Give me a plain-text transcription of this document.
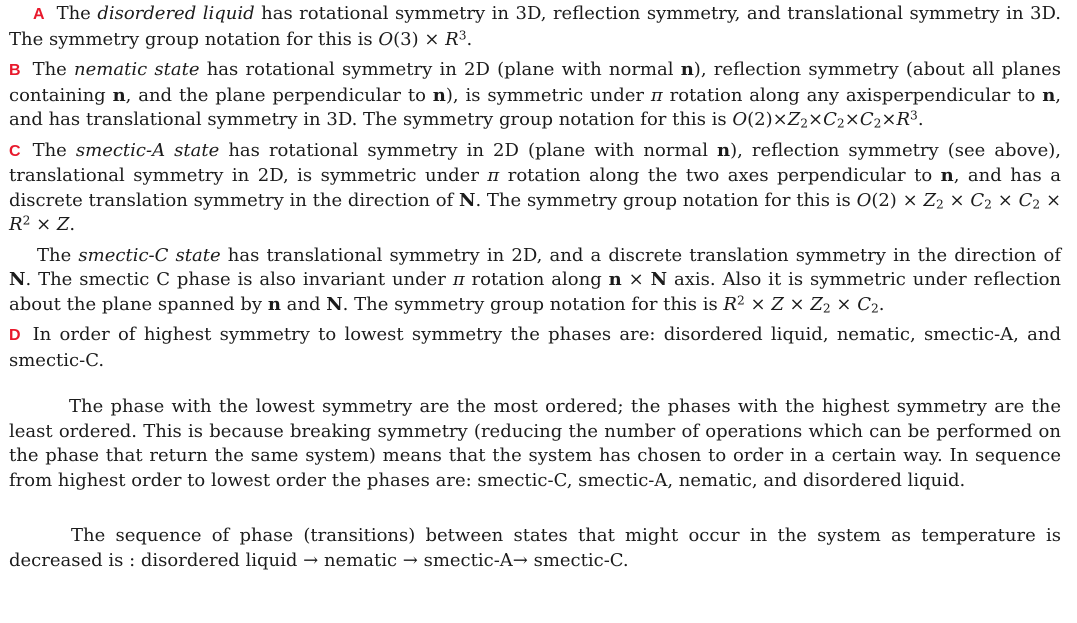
A The disordered liquid has rotational symmetry in 3D, reflection symmetry, and translational symmetry in 3D. The symmetry group notation for this is $O(3) \times R^3$.

B The nematic state has rotational symmetry in 2D (plane with normal n), reflection symmetry (about all planes containing n, and the plane perpendicular to n), is symmetric under π rotation along any axisperpendicular to n, and has translational symmetry in 3D. The symmetry group notation for this is $O(2)\times Z2\times C2\times C2\times R^3$.

C The smectic-A state has rotational symmetry in 2D (plane with normal n), reflection symmetry (see above), translational symmetry in 2D, is symmetric under π rotation along the two axes perpendicular to n, and has a discrete translation symmetry in the direction of N. The symmetry group notation for this is $O(2) \times Z2 \times C2 \times C2 \times R^2 \times Z$.

The smectic-C state has translational symmetry in 2D, and a discrete translation symmetry in the direction of N. The smectic C phase is also invariant under π rotation along n × N axis. Also it is symmetric under reflection about the plane spanned by n and N. The symmetry group notation for this is $R^2 \times Z \times Z2 \times C2$.

D In order of highest symmetry to lowest symmetry the phases are: disordered liquid, nematic, smectic-A, and smectic-C.

The phase with the lowest symmetry are the most ordered; the phases with the highest symmetry are the least ordered. This is because breaking symmetry (reducing the number of operations which can be performed on the phase that return the same system) means that the system has chosen to order in a certain way. In sequence from highest order to lowest order the phases are: smectic-C, smectic-A, nematic, and disordered liquid.

The sequence of phase (transitions) between states that might occur in the system as temperature is decreased is : disordered liquid → nematic → smectic-A→ smectic-C.
